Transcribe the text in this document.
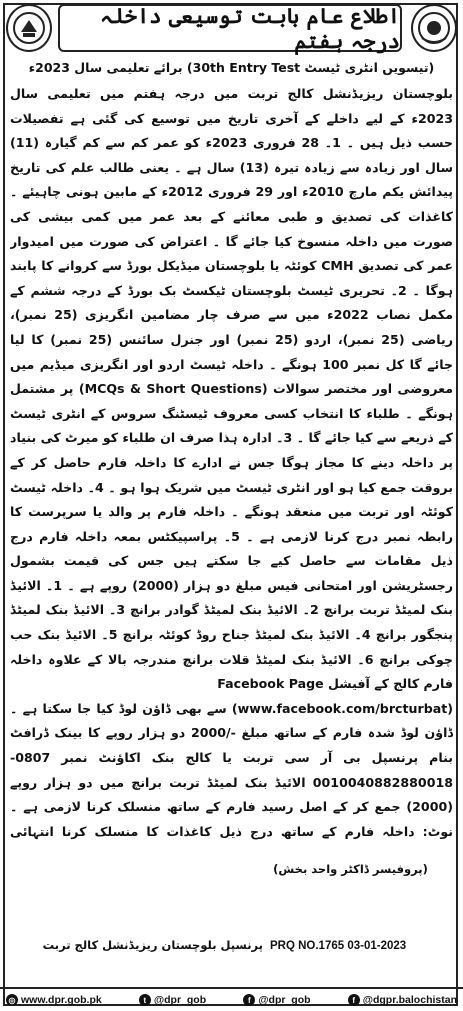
اطلاع عام بابت توسیعی داخلہ درجہ ہفتم
(تیسویں انٹری ٹیسٹ 30th Entry Test) برائے تعلیمی سال 2023ء

بلوچستان ریزیڈنشل کالج تربت میں درجہ ہفتم میں تعلیمی سال 2023ء کے لیے داخلے کے آخری تاریخ میں توسیع کی گئی ہے تفصیلات حسب ذیل ہیں ۔ 1۔ 28 فروری 2023ء کو عمر کم سے کم گیارہ (11) سال اور زیادہ سے زیادہ تیرہ (13) سال ہے ۔ یعنی طالب علم کی تاریخ پیدائش یکم مارچ 2010ء اور 29 فروری 2012ء کے مابین ہونی چاہیئے ۔ کاغذات کی تصدیق و طبی معائنے کے بعد عمر میں کمی بیشی کی صورت میں داخلہ منسوخ کیا جائے گا ۔ اعتراض کی صورت میں امیدوار عمر کی تصدیق CMH کوئٹہ یا بلوچستان میڈیکل بورڈ سے کروانے کا پابند ہوگا ۔ 2۔ تحریری ٹیسٹ بلوچستان ٹیکسٹ بک بورڈ کے درجہ ششم کے مکمل نصاب 2022ء میں سے صرف چار مضامین انگریزی (25 نمبر)، ریاضی (25 نمبر)، اردو (25 نمبر) اور جنرل سائنس (25 نمبر) کا لیا جائے گا کل نمبر 100 ہونگے ۔ داخلہ ٹیسٹ اردو اور انگریزی میڈیم میں معروضی اور مختصر سوالات (MCQs & Short Questions) پر مشتمل ہونگے ۔ طلباء کا انتخاب کسی معروف ٹیسٹنگ سروس کے انٹری ٹیسٹ کے ذریعے سے کیا جائے گا ۔ 3۔ ادارہ ہذا صرف ان طلباء کو میرٹ کی بنیاد پر داخلہ دینے کا مجاز ہوگا جس نے ادارے کا داخلہ فارم حاصل کر کے بروقت جمع کیا ہو اور انٹری ٹیسٹ میں شریک ہوا ہو ۔ 4۔ داخلہ ٹیسٹ کوئٹہ اور تربت میں منعقد ہونگے ۔ داخلہ فارم پر والد یا سرپرست کا رابطہ نمبر درج کرنا لازمی ہے ۔ 5۔ پراسپیکٹس بمعہ داخلہ فارم درج ذیل مقامات سے حاصل کیے جا سکتے ہیں جس کی قیمت بشمول رجسٹریشن اور امتحانی فیس مبلغ دو ہزار (2000) روپے ہے ۔ 1۔ الائیڈ بنک لمیٹڈ تربت برانچ 2۔ الائیڈ بنک لمیٹڈ گوادر برانچ 3۔ الائیڈ بنک لمیٹڈ پنجگور برانچ 4۔ الائیڈ بنک لمیٹڈ جناح روڈ کوئٹہ برانچ 5۔ الائیڈ بنک حب چوکی برانچ 6۔ الائیڈ بنک لمیٹڈ قلات برانچ مندرجہ بالا کے علاوہ داخلہ فارم کالج کے آفیشل Facebook Page

(www.facebook.com/brcturbat) سے بھی ڈاؤن لوڈ کیا جا سکتا ہے ۔ ڈاؤن لوڈ شدہ فارم کے ساتھ مبلغ -/2000 دو ہزار روپے کا بینک ڈرافٹ بنام پرنسپل بی آر سی تربت یا کالج بنک اکاؤنٹ نمبر 0807-0010040882880018 الائیڈ بنک لمیٹڈ تربت برانچ میں دو ہزار روپے (2000) جمع کر کے اصل رسید فارم کے ساتھ منسلک کرنا لازمی ہے ۔ نوٹ: داخلہ فارم کے ساتھ درج ذیل کاغذات کا منسلک کرنا انتہائی

(پروفیسر ڈاکٹر واحد بخش)
پرنسپل بلوچستان ریزیڈنشل کالج تربت PRQ NO.1765 03-01-2023
◎ www.dpr.gob.pk	t @dpr_gob	f @dpr_gob	f @dgpr.balochistan
